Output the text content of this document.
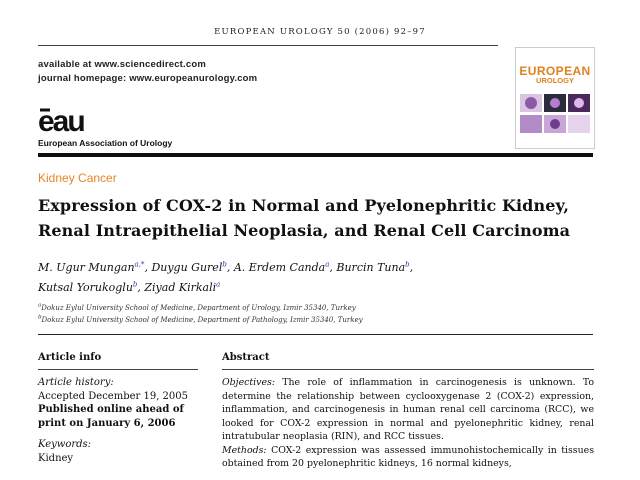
EUROPEAN UROLOGY 50 (2006) 92–97
available at www.sciencedirect.com
journal homepage: www.europeanurology.com
eau
European Association of Urology
EUROPEAN
UROLOGY
Kidney Cancer
Expression of COX-2 in Normal and Pyelonephritic Kidney,
Renal Intraepithelial Neoplasia, and Renal Cell Carcinoma
M. Ugur Mungan$^{a,*}$, Duygu Gurel$^b$, A. Erdem Canda$^a$, Burcin Tuna$^b$,
Kutsal Yorukoglu$^b$, Ziyad Kirkali$^a$
$^a$Dokuz Eylul University School of Medicine, Department of Urology, Izmir 35340, Turkey
$^b$Dokuz Eylul University School of Medicine, Department of Pathology, Izmir 35340, Turkey
Article info	Abstract
Article history:
Accepted December 19, 2005
Published online ahead of
print on January 6, 2006
Keywords:
Kidney

Objectives: The role of inflammation in carcinogenesis is unknown. To determine the relationship between cyclooxygenase 2 (COX-2) expression, inflammation, and carcinogenesis in human renal cell carcinoma (RCC), we looked for COX-2 expression in normal and pyelonephritic kidney, renal intratubular neoplasia (RIN), and RCC tissues.

Methods: COX-2 expression was assessed immunohistochemically in tissues obtained from 20 pyelonephritic kidneys, 16 normal kidneys,
